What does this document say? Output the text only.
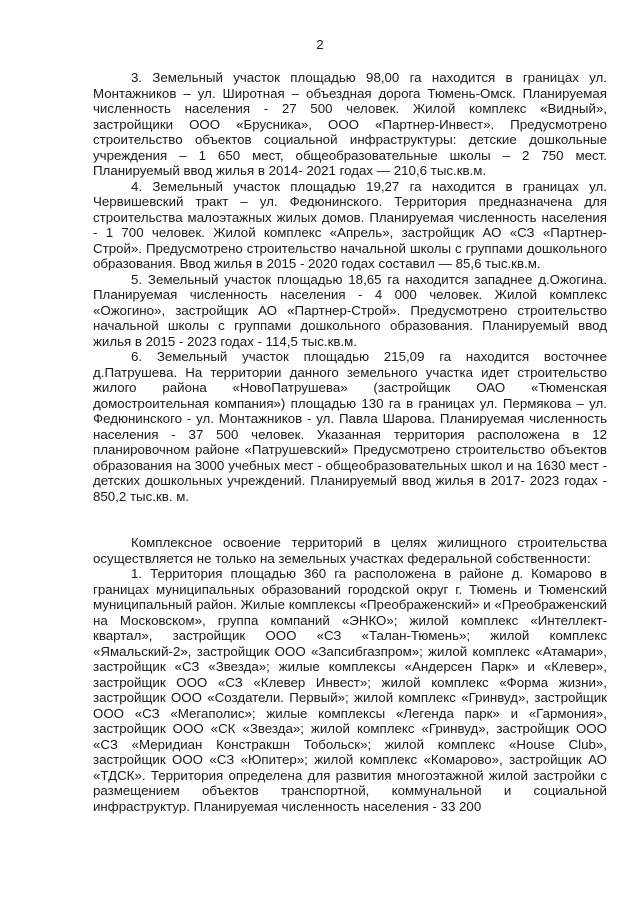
2

3. Земельный участок площадью 98,00 га находится в границах ул. Монтажников – ул. Широтная – объездная дорога Тюмень-Омск. Планируемая численность населения - 27 500 человек. Жилой комплекс «Видный», застройщики ООО «Брусника», ООО «Партнер-Инвест». Предусмотрено строительство объектов социальной инфраструктуры: детские дошкольные учреждения – 1 650 мест, общеобразовательные школы – 2 750 мест. Планируемый ввод жилья в 2014- 2021 годах — 210,6 тыс.кв.м.

4. Земельный участок площадью 19,27 га находится в границах ул. Червишевский тракт – ул. Федюнинского. Территория предназначена для строительства малоэтажных жилых домов. Планируемая численность населения - 1 700 человек. Жилой комплекс «Апрель», застройщик АО «СЗ «Партнер-Строй». Предусмотрено строительство начальной школы с группами дошкольного образования. Ввод жилья в 2015 - 2020 годах составил — 85,6 тыс.кв.м.

5. Земельный участок площадью 18,65 га находится западнее д.Ожогина. Планируемая численность населения - 4 000 человек. Жилой комплекс «Ожогино», застройщик АО «Партнер-Строй». Предусмотрено строительство начальной школы с группами дошкольного образования. Планируемый ввод жилья в 2015 - 2023 годах - 114,5 тыс.кв.м.

6. Земельный участок площадью 215,09 га находится восточнее д.Патрушева. На территории данного земельного участка идет строительство жилого района «НовоПатрушева» (застройщик ОАО «Тюменская домостроительная компания») площадью 130 га в границах ул. Пермякова – ул. Федюнинского - ул. Монтажников - ул. Павла Шарова. Планируемая численность населения - 37 500 человек. Указанная территория расположена в 12 планировочном районе «Патрушевский» Предусмотрено строительство объектов образования на 3000 учебных мест - общеобразовательных школ и на 1630 мест - детских дошкольных учреждений. Планируемый ввод жилья в 2017- 2023 годах - 850,2 тыс.кв. м.

Комплексное освоение территорий в целях жилищного строительства осуществляется не только на земельных участках федеральной собственности:

1. Территория площадью 360 га расположена в районе д. Комарово в границах муниципальных образований городской округ г. Тюмень и Тюменский муниципальный район. Жилые комплексы «Преображенский» и «Преображенский на Московском», группа компаний «ЭНКО»; жилой комплекс «Интеллект-квартал», застройщик ООО «СЗ «Талан-Тюмень»; жилой комплекс «Ямальский-2», застройщик ООО «Запсибгазпром»; жилой комплекс «Атамари», застройщик «СЗ «Звезда»; жилые комплексы «Андерсен Парк» и «Клевер», застройщик ООО «СЗ «Клевер Инвест»; жилой комплекс «Форма жизни», застройщик ООО «Создатели. Первый»; жилой комплекс «Гринвуд», застройщик ООО «СЗ «Мегаполис»; жилые комплексы «Легенда парк» и «Гармония», застройщик ООО «СК «Звезда»; жилой комплекс «Гринвуд», застройщик ООО «СЗ «Меридиан Констракшн Тобольск»; жилой комплекс «House Club», застройщик ООО «СЗ «Юпитер»; жилой комплекс «Комарово», застройщик АО «ТДСК». Территория определена для развития многоэтажной жилой застройки с размещением объектов транспортной, коммунальной и социальной инфраструктур. Планируемая численность населения - 33 200
